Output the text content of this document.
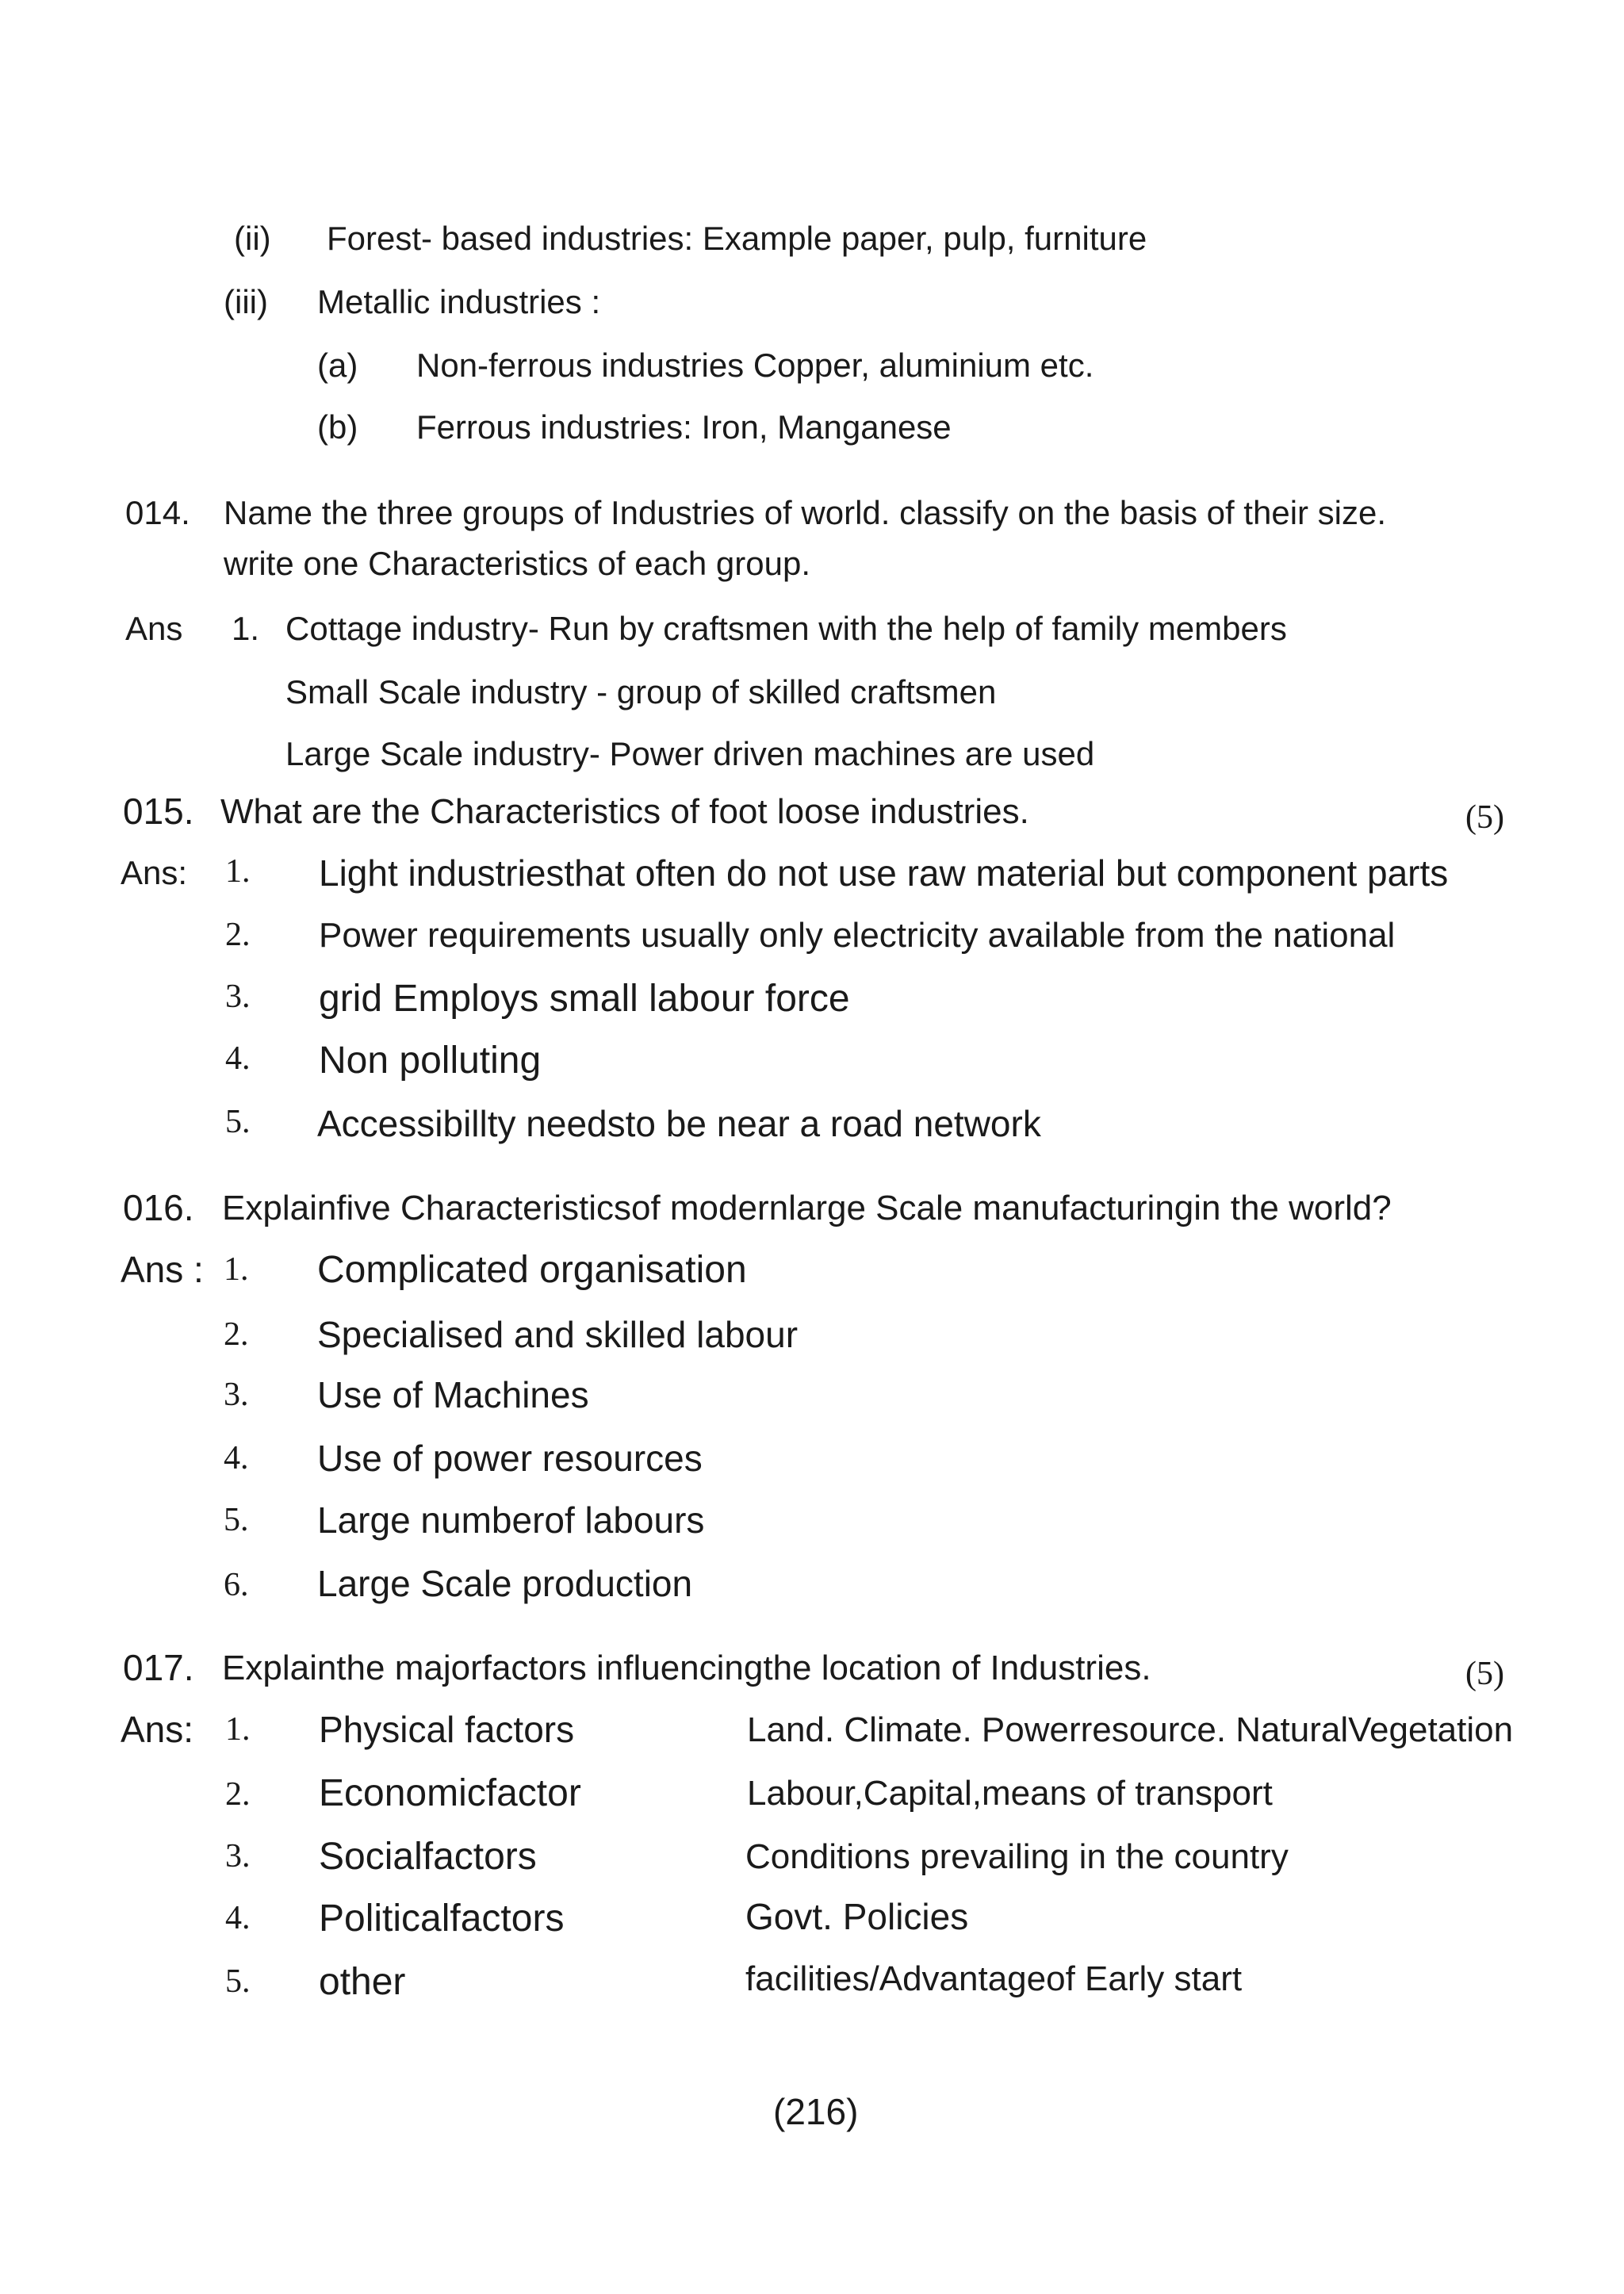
(ii) Forest- based industries: Example paper, pulp, furniture
(iii) Metallic industries :
(a) Non-ferrous industries Copper, aluminium etc.
(b) Ferrous industries: Iron, Manganese
014. Name the three groups of Industries of world. classify on the basis of their size.
write one Characteristics of each group.
Ans 1. Cottage industry- Run by craftsmen with the help of family members
Small Scale industry - group of skilled craftsmen
Large Scale industry- Power driven machines are used
015. What are the Characteristics of foot loose industries.	(5)
Ans: 1. Light industriesthat often do not use raw material but component parts
2. Power requirements usually only electricity available from the national
3. grid Employs small labour force
4. Non polluting
5. Accessibillty needsto be near a road network
016. Explainfive Characteristicsof modernlarge Scale manufacturingin the world?
Ans : 1. Complicated organisation
2. Specialised and skilled labour
3. Use of Machines
4. Use of power resources
5. Large numberof labours
6. Large Scale production
017. Explainthe majorfactors influencingthe location of Industries.	(5)
Ans: 1. Physical factors	Land. Climate. Powerresource. NaturalVegetation
2. Economicfactor	Labour,Capital,means of transport
3. Socialfactors	Conditions prevailing in the country
4. Politicalfactors	Govt. Policies
5. other	facilities/Advantageof Early start
(216)
